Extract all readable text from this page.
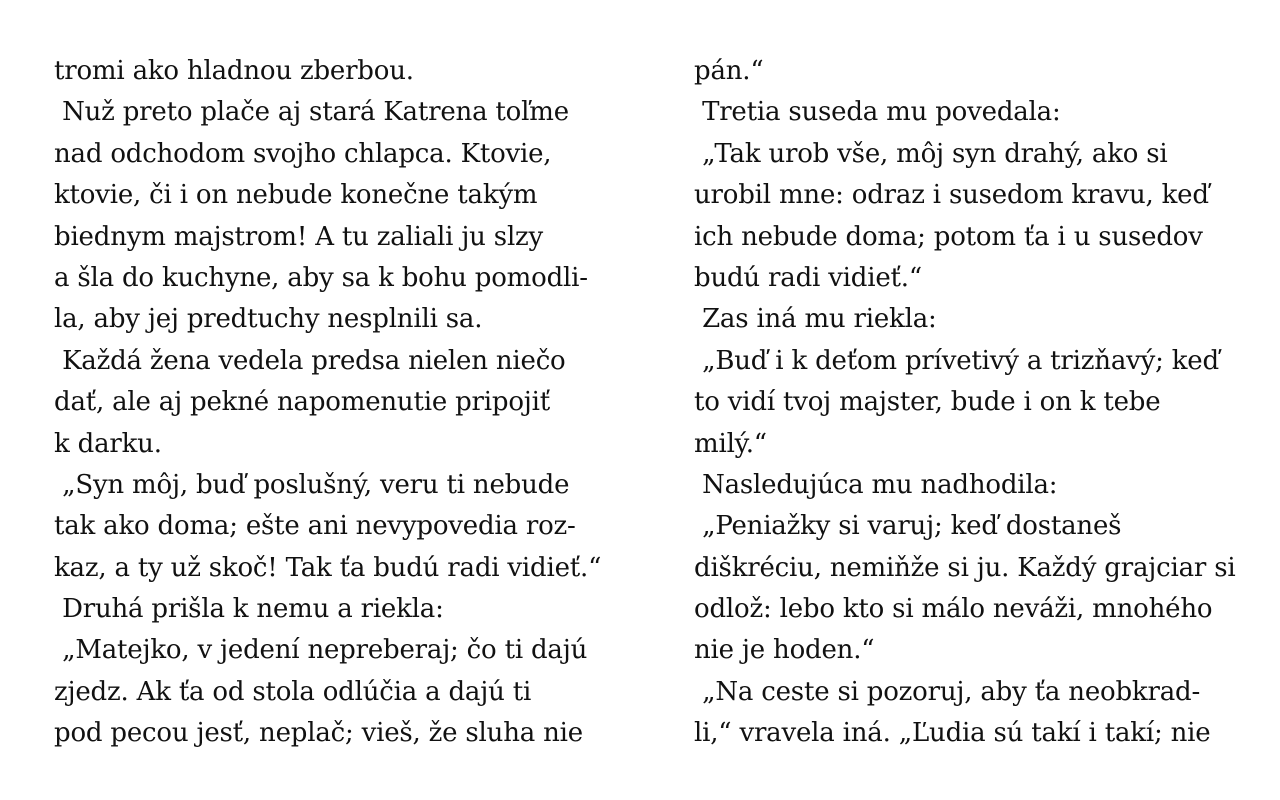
tromi ako hladnou zberbou.
Nuž preto plače aj stará Katrena toľme
nad odchodom svojho chlapca. Ktovie,
ktovie, či i on nebude konečne takým
biednym majstrom! A tu zaliali ju slzy
a šla do kuchyne, aby sa k bohu pomodli-
la, aby jej predtuchy nesplnili sa.
Každá žena vedela predsa nielen niečo
dať, ale aj pekné napomenutie pripojiť
k darku.
„Syn môj, buď poslušný, veru ti nebude
tak ako doma; ešte ani nevypovedia roz-
kaz, a ty už skoč! Tak ťa budú radi vidieť.“
Druhá prišla k nemu a riekla:
„Matejko, v jedení nepreberaj; čo ti dajú
zjedz. Ak ťa od stola odlúčia a dajú ti
pod pecou jesť, neplač; vieš, že sluha nie
pán.“
Tretia suseda mu povedala:
„Tak urob vše, môj syn drahý, ako si
urobil mne: odraz i susedom kravu, keď
ich nebude doma; potom ťa i u susedov
budú radi vidieť.“
Zas iná mu riekla:
„Buď i k deťom prívetivý a trizňavý; keď
to vidí tvoj majster, bude i on k tebe
milý.“
Nasledujúca mu nadhodila:
„Peniažky si varuj; keď dostaneš
diškréciu, nemiňže si ju. Každý grajciar si
odlož: lebo kto si málo neváži, mnohého
nie je hoden.“
„Na ceste si pozoruj, aby ťa neobkrad-
li,“ vravela iná. „Ľudia sú takí i takí; nie
